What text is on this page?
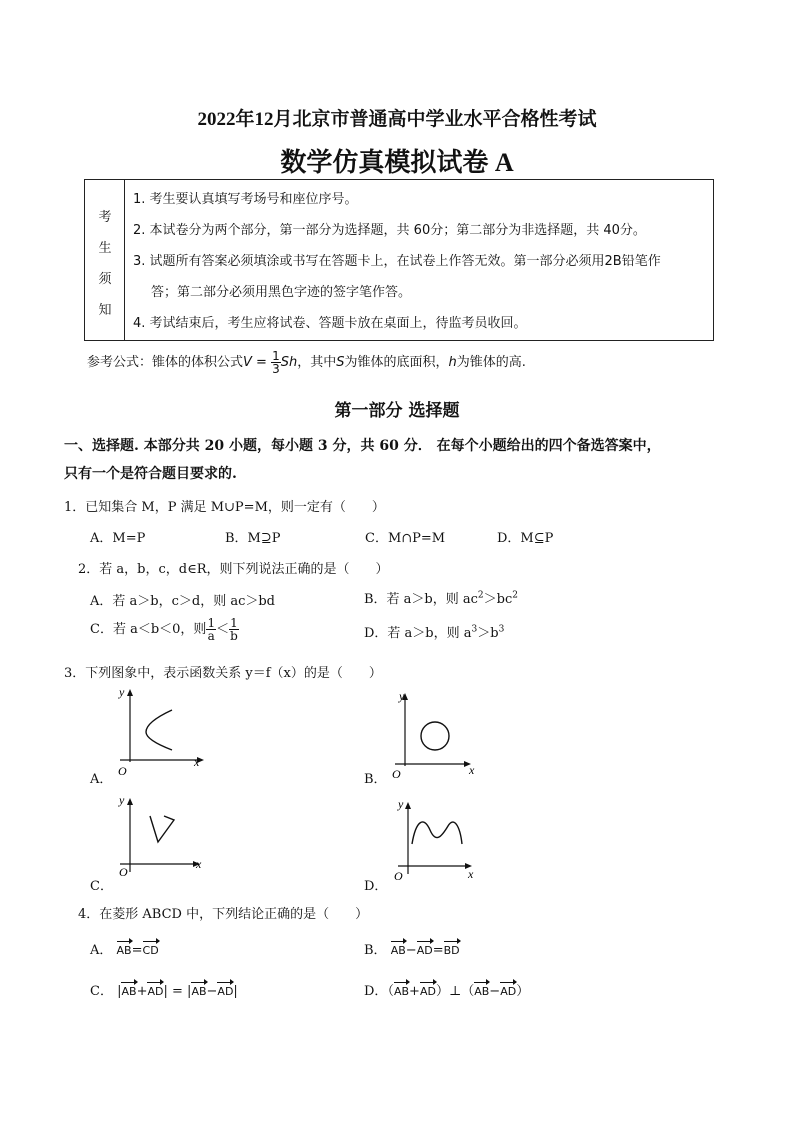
2022年12月北京市普通高中学业水平合格性考试
数学仿真模拟试卷 A
考
生
须
知
1. 考生要认真填写考场号和座位序号。
2. 本试卷分为两个部分，第一部分为选择题，共 60分；第二部分为非选择题，共 40分。
3. 试题所有答案必须填涂或书写在答题卡上，在试卷上作答无效。第一部分必须用2B铅笔作
答；第二部分必须用黑色字迹的签字笔作答。
4. 考试结束后，考生应将试卷、答题卡放在桌面上，待监考员收回。
参考公式：锥体的体积公式$V = \frac{1}{3}$ Sh，其中S为锥体的底面积，h为锥体的高.
第一部分 选择题
一、选择题. 本部分共 20 小题，每小题 3 分，共 60 分． 在每个小题给出的四个备选答案中，
只有一个是符合题目要求的.
1．已知集合 M，P 满足 M∪P=M，则一定有（　　）
A．M=P	B．M⊇P	C．M∩P=M	D．M⊆P
2．若 a，b，c，d∈R，则下列说法正确的是（　　）
A．若 a＞b，c＞d，则 ac＞bd	B．若 a＞b，则 $ac^2>bc^2$
C．若 a＜b＜0，则 $\frac{1}{a} < \frac{1}{b}$	D．若 a＞b，则 $a^3>b^3$
3．下列图象中，表示函数关系 y＝f（x）的是（　　）
A．
y
x
O
B．
y
x
O
C．
y
x
O
D．
y
x
O
4．在菱形 ABCD 中，下列结论正确的是（　　）
A． AB=CD	B． AB−AD=BD
C． |AB+AD| = |AB−AD|	D．（AB+AD）⊥（AB−AD）
